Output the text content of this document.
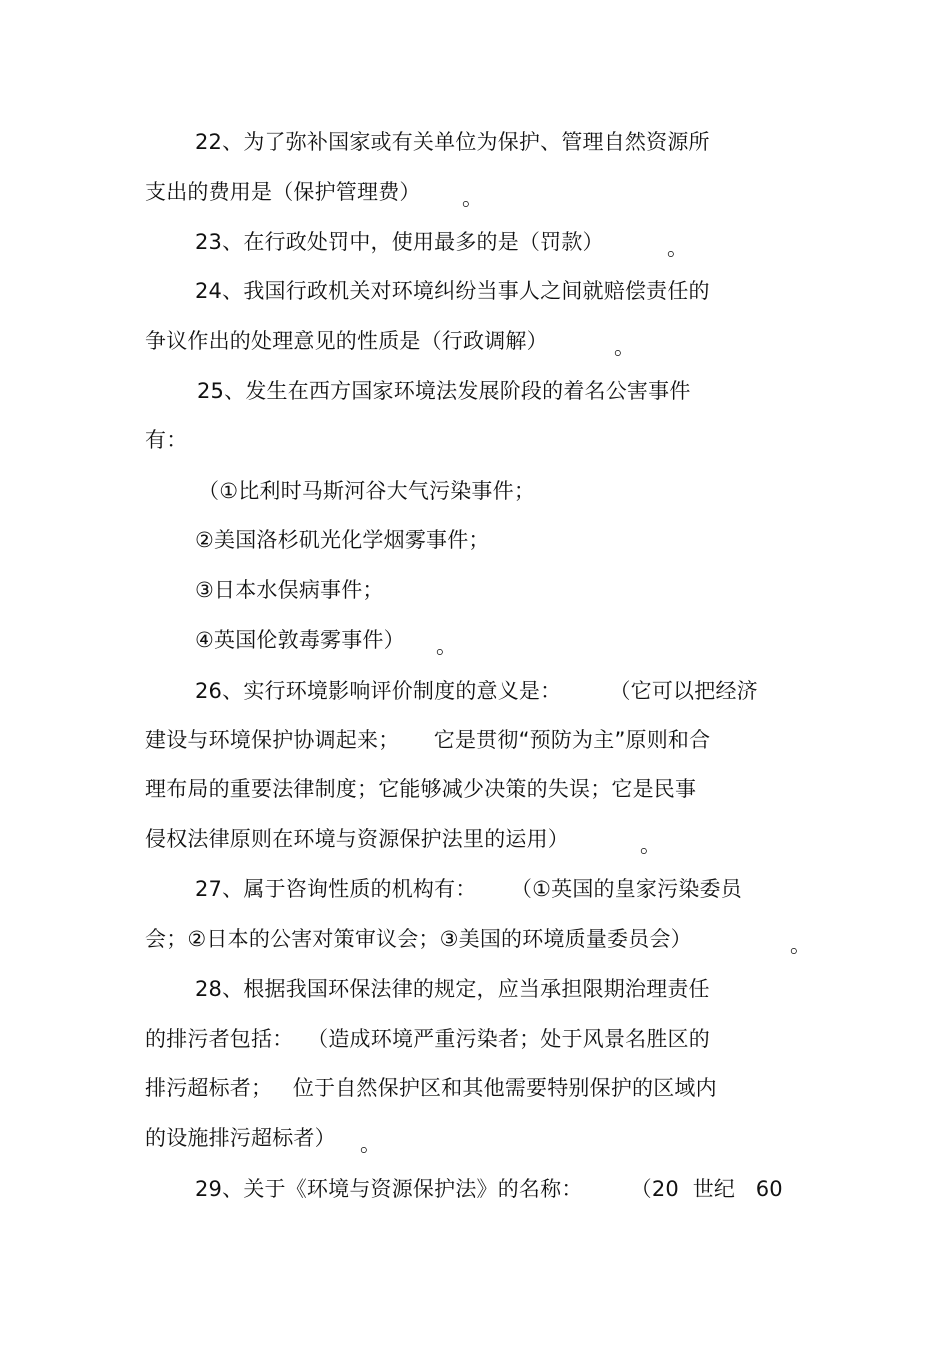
22、为了弥补国家或有关单位为保护、管理自然资源所
支出的费用是（保护管理费） 。
23、在行政处罚中，使用最多的是（罚款）	。
24、我国行政机关对环境纠纷当事人之间就赔偿责任的
争议作出的处理意见的性质是（行政调解）	。
25、发生在西方国家环境法发展阶段的着名公害事件
有：
（①比利时马斯河谷大气污染事件；
②美国洛杉矶光化学烟雾事件；
③日本水俣病事件；
④英国伦敦毒雾事件） 。
26、实行环境影响评价制度的意义是：       （它可以把经济
建设与环境保护协调起来；     它是贯彻“预防为主”原则和合
理布局的重要法律制度；它能够减少决策的失误；它是民事
侵权法律原则在环境与资源保护法里的运用）	。
27、属于咨询性质的机构有：     （①英国的皇家污染委员
会；②日本的公害对策审议会；③美国的环境质量委员会）	。
28、根据我国环保法律的规定，应当承担限期治理责任
的排污者包括：  （造成环境严重污染者；处于风景名胜区的
排污超标者；   位于自然保护区和其他需要特别保护的区域内
的设施排污超标者） 。
29、关于《环境与资源保护法》的名称：       （20  世纪   60
